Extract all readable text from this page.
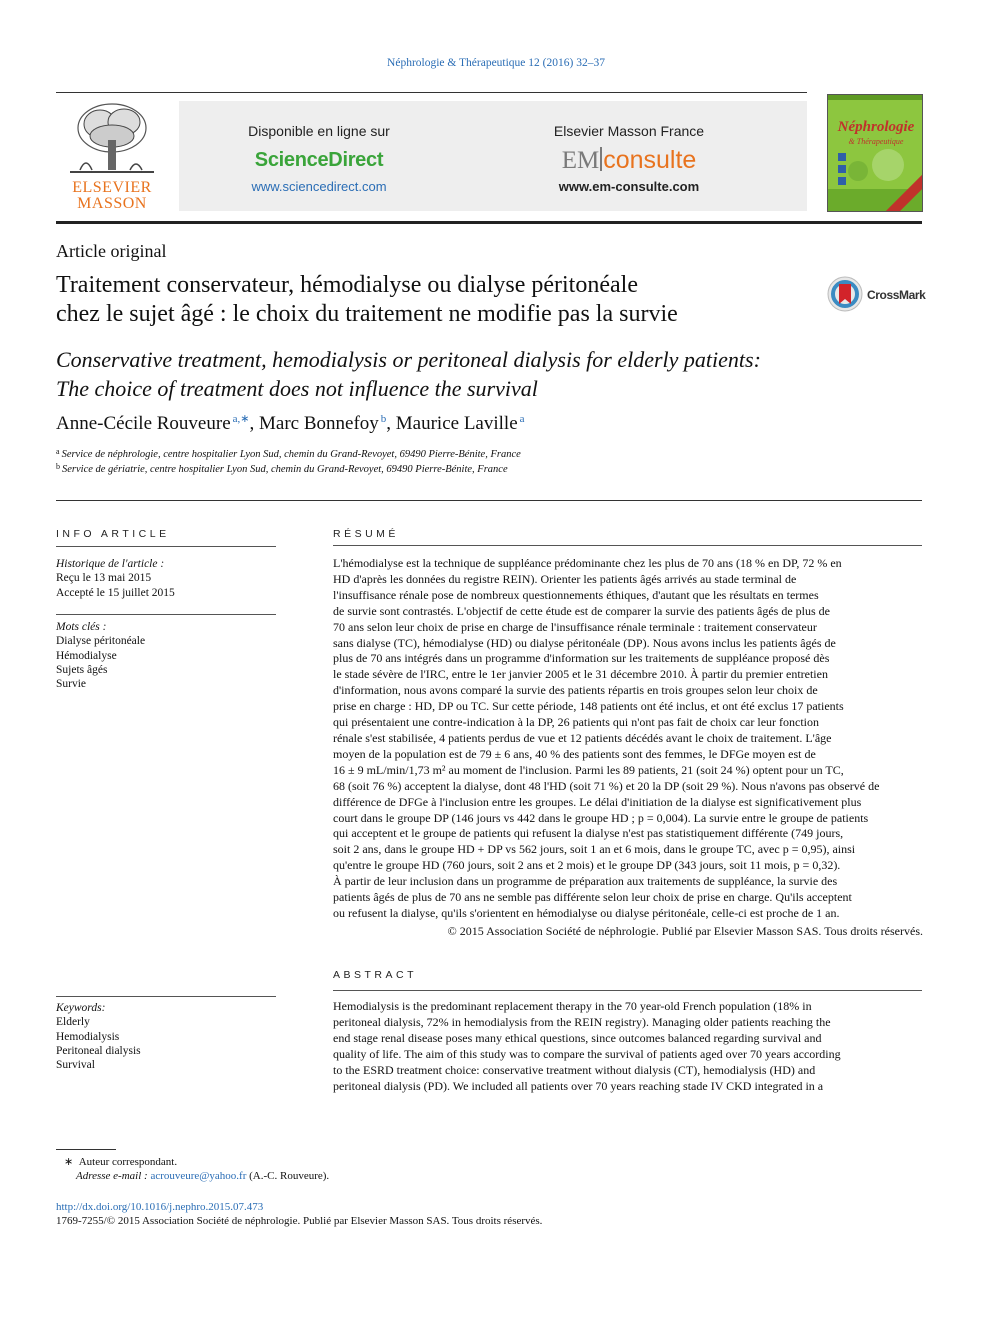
Néphrologie & Thérapeutique 12 (2016) 32–37
ELSEVIER
MASSON
Disponible en ligne sur
ScienceDirect
www.sciencedirect.com
Elsevier Masson France
EM consulte
www.em-consulte.com
Néphrologie
& Thérapeutique
Article original
Traitement conservateur, hémodialyse ou dialyse péritonéale
chez le sujet âgé : le choix du traitement ne modifie pas la survie
CrossMark
Conservative treatment, hemodialysis or peritoneal dialysis for elderly patients:
The choice of treatment does not influence the survival
Anne-Cécile Rouveure $^{a,∗}$, Marc Bonnefoy $^b$, Maurice Laville $^a$
$^a$ Service de néphrologie, centre hospitalier Lyon Sud, chemin du Grand-Revoyet, 69490 Pierre-Bénite, France
$^b$ Service de gériatrie, centre hospitalier Lyon Sud, chemin du Grand-Revoyet, 69490 Pierre-Bénite, France
INFO ARTICLE
Historique de l'article :
Reçu le 13 mai 2015
Accepté le 15 juillet 2015
Mots clés :
Dialyse péritonéale
Hémodialyse
Sujets âgés
Survie
RÉSUMÉ
L'hémodialyse est la technique de suppléance prédominante chez les plus de 70 ans (18 % en DP, 72 % en
HD d'après les données du registre REIN). Orienter les patients âgés arrivés au stade terminal de
l'insuffisance rénale pose de nombreux questionnements éthiques, d'autant que les résultats en termes
de survie sont contrastés. L'objectif de cette étude est de comparer la survie des patients âgés de plus de
70 ans selon leur choix de prise en charge de l'insuffisance rénale terminale : traitement conservateur
sans dialyse (TC), hémodialyse (HD) ou dialyse péritonéale (DP). Nous avons inclus les patients âgés de
plus de 70 ans intégrés dans un programme d'information sur les traitements de suppléance proposé dès
le stade sévère de l'IRC, entre le 1er janvier 2005 et le 31 décembre 2010. À partir du premier entretien
d'information, nous avons comparé la survie des patients répartis en trois groupes selon leur choix de
prise en charge : HD, DP ou TC. Sur cette période, 148 patients ont été inclus, et ont été exclus 17 patients
qui présentaient une contre-indication à la DP, 26 patients qui n'ont pas fait de choix car leur fonction
rénale s'est stabilisée, 4 patients perdus de vue et 12 patients décédés avant le choix de traitement. L'âge
moyen de la population est de 79 ± 6 ans, 40 % des patients sont des femmes, le DFGe moyen est de
16 ± 9 mL/min/1,73 m² au moment de l'inclusion. Parmi les 89 patients, 21 (soit 24 %) optent pour un TC,
68 (soit 76 %) acceptent la dialyse, dont 48 l'HD (soit 71 %) et 20 la DP (soit 29 %). Nous n'avons pas observé de
différence de DFGe à l'inclusion entre les groupes. Le délai d'initiation de la dialyse est significativement plus
court dans le groupe DP (146 jours vs 442 dans le groupe HD ; p = 0,004). La survie entre le groupe de patients
qui acceptent et le groupe de patients qui refusent la dialyse n'est pas statistiquement différente (749 jours,
soit 2 ans, dans le groupe HD + DP vs 562 jours, soit 1 an et 6 mois, dans le groupe TC, avec p = 0,95), ainsi
qu'entre le groupe HD (760 jours, soit 2 ans et 2 mois) et le groupe DP (343 jours, soit 11 mois, p = 0,32).
À partir de leur inclusion dans un programme de préparation aux traitements de suppléance, la survie des
patients âgés de plus de 70 ans ne semble pas différente selon leur choix de prise en charge. Qu'ils acceptent
ou refusent la dialyse, qu'ils s'orientent en hémodialyse ou dialyse péritonéale, celle-ci est proche de 1 an.
© 2015 Association Société de néphrologie. Publié par Elsevier Masson SAS. Tous droits réservés.
ABSTRACT
Keywords:
Elderly
Hemodialysis
Peritoneal dialysis
Survival
Hemodialysis is the predominant replacement therapy in the 70 year-old French population (18% in
peritoneal dialysis, 72% in hemodialysis from the REIN registry). Managing older patients reaching the
end stage renal disease poses many ethical questions, since outcomes balanced regarding survival and
quality of life. The aim of this study was to compare the survival of patients aged over 70 years according
to the ESRD treatment choice: conservative treatment without dialysis (CT), hemodialysis (HD) and
peritoneal dialysis (PD). We included all patients over 70 years reaching stade IV CKD integrated in a
∗ Auteur correspondant.
Adresse e-mail : acrouveure@yahoo.fr (A.-C. Rouveure).
http://dx.doi.org/10.1016/j.nephro.2015.07.473
1769-7255/© 2015 Association Société de néphrologie. Publié par Elsevier Masson SAS. Tous droits réservés.
